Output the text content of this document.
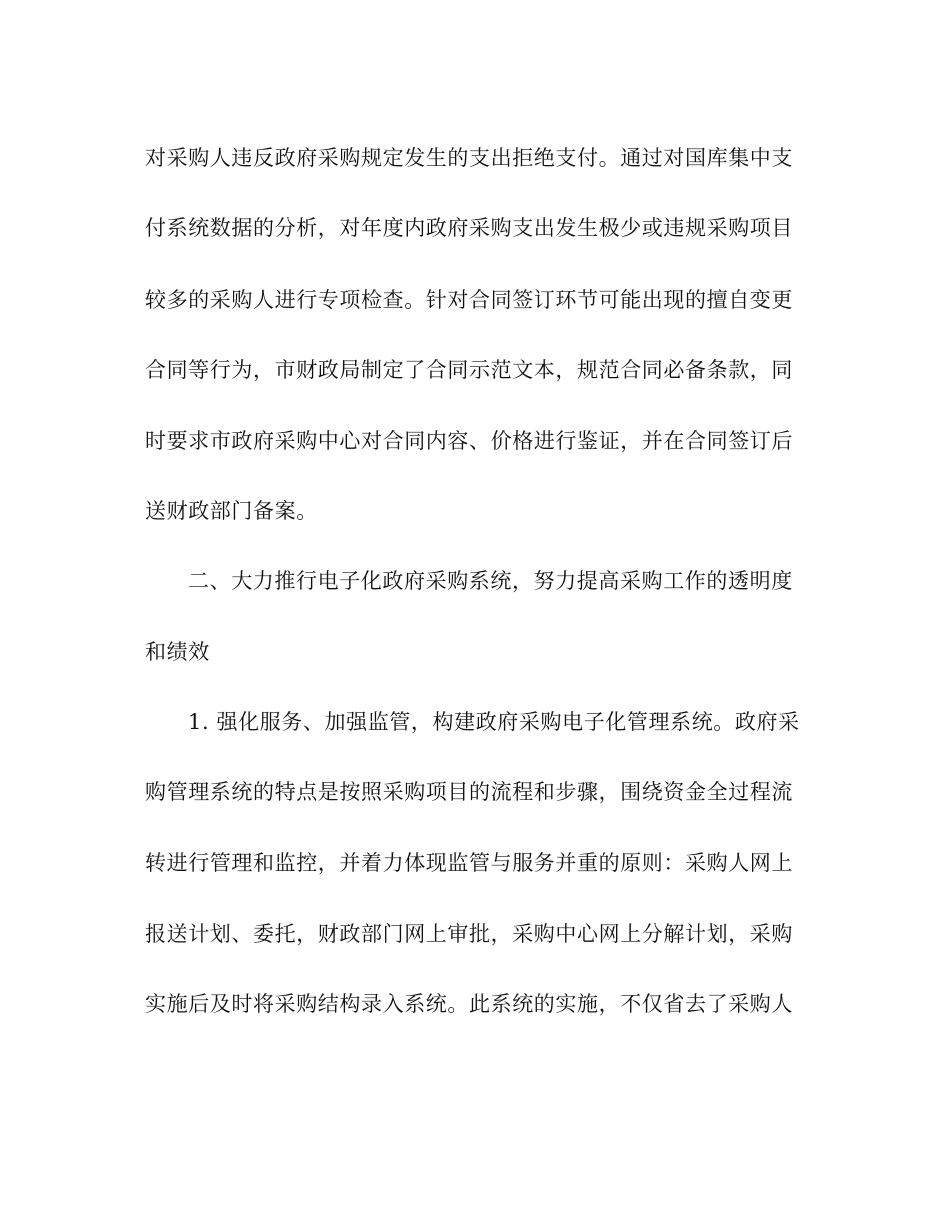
对采购人违反政府采购规定发生的支出拒绝支付。通过对国库集中支
付系统数据的分析，对年度内政府采购支出发生极少或违规采购项目
较多的采购人进行专项检查。针对合同签订环节可能出现的擅自变更
合同等行为，市财政局制定了合同示范文本，规范合同必备条款，同
时要求市政府采购中心对合同内容、价格进行鉴证，并在合同签订后
送财政部门备案。
二、大力推行电子化政府采购系统，努力提高采购工作的透明度
和绩效
1. 强化服务、加强监管，构建政府采购电子化管理系统。政府采
购管理系统的特点是按照采购项目的流程和步骤，围绕资金全过程流
转进行管理和监控，并着力体现监管与服务并重的原则：采购人网上
报送计划、委托，财政部门网上审批，采购中心网上分解计划，采购
实施后及时将采购结构录入系统。此系统的实施，不仅省去了采购人
